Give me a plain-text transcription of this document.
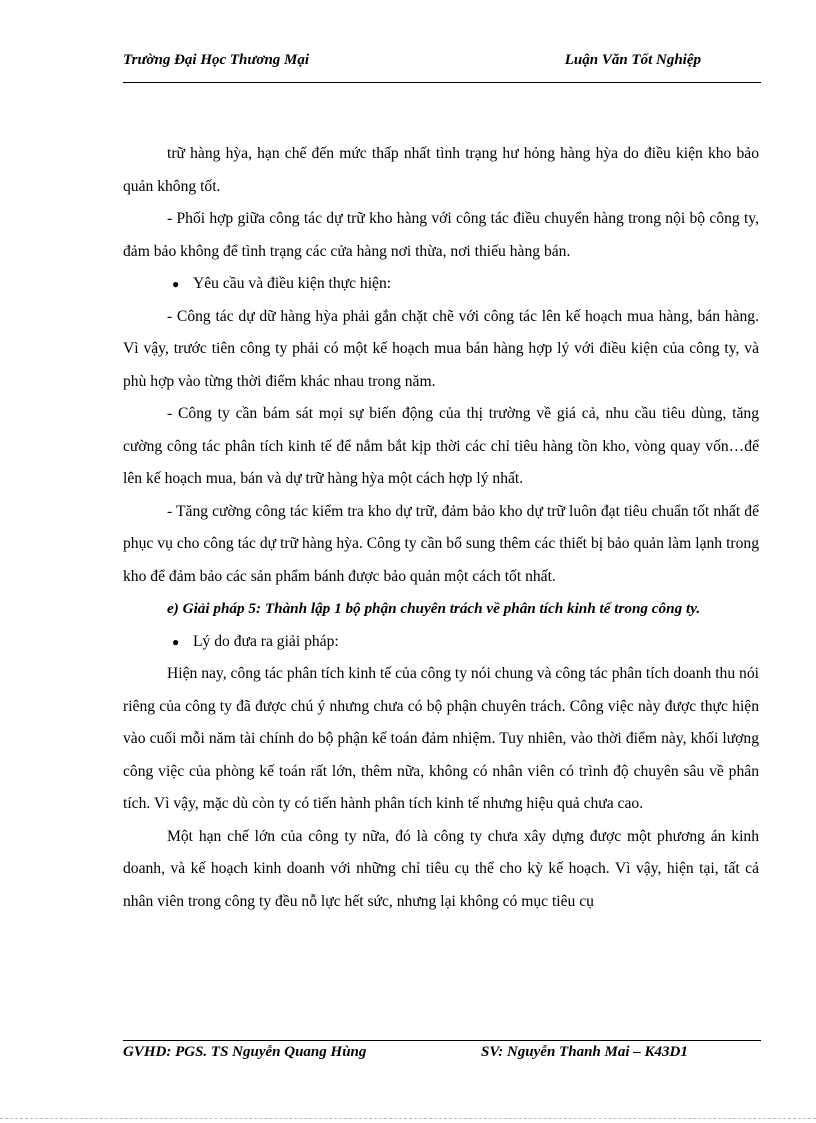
Trường Đại Học Thương Mại	Luận Văn Tốt Nghiệp

trữ hàng hỳa, hạn chế đến mức thấp nhất tình trạng hư hỏng hàng hỳa do điều kiện kho bảo quản không tốt.

- Phối hợp giữa công tác dự trữ kho hàng với công tác điều chuyển hàng trong nội bộ công ty, đảm bảo không để tình trạng các cửa hàng nơi thừa, nơi thiếu hàng bán.

● Yêu cầu và điều kiện thực hiện:

- Công tác dự dữ hàng hỳa phải gắn chặt chẽ với công tác lên kế hoạch mua hàng, bán hàng. Vì vậy, trước tiên công ty phải có một kế hoạch mua bán hàng hợp lý với điều kiện của công ty, và phù hợp vào từng thời điểm khác nhau trong năm.

- Công ty cần bám sát mọi sự biến động của thị trường về giá cả, nhu cầu tiêu dùng, tăng cường công tác phân tích kinh tế để nắm bắt kịp thời các chỉ tiêu hàng tồn kho, vòng quay vốn…để lên kế hoạch mua, bán và dự trữ hàng hỳa một cách hợp lý nhất.

- Tăng cường công tác kiểm tra kho dự trữ, đảm bảo kho dự trữ luôn đạt tiêu chuẩn tốt nhất để phục vụ cho công tác dự trữ hàng hỳa. Công ty cần bổ sung thêm các thiết bị bảo quản làm lạnh trong kho để đảm bảo các sản phẩm bánh được bảo quản một cách tốt nhất.

e) Giải pháp 5: Thành lập 1 bộ phận chuyên trách về phân tích kinh tế trong công ty.

● Lý do đưa ra giải pháp:

Hiện nay, công tác phân tích kinh tế của công ty nói chung và công tác phân tích doanh thu nói riêng của công ty đã được chú ý nhưng chưa có bộ phận chuyên trách. Công việc này được thực hiện vào cuối mỗi năm tài chính do bộ phận kế toán đảm nhiệm. Tuy nhiên, vào thời điểm này, khối lượng công việc của phòng kế toán rất lớn, thêm nữa, không có nhân viên có trình độ chuyên sâu về phân tích. Vì vậy, mặc dù còn ty có tiến hành phân tích kinh tế nhưng hiệu quả chưa cao.

Một hạn chế lớn của công ty nữa, đó là công ty chưa xây dựng được một phương án kinh doanh, và kế hoạch kinh doanh với những chỉ tiêu cụ thể cho kỳ kế hoạch. Vì vậy, hiện tại, tất cả nhân viên trong công ty đều nỗ lực hết sức, nhưng lại không có mục tiêu cụ

GVHD: PGS. TS Nguyễn Quang Hùng	SV: Nguyễn Thanh Mai – K43D1
